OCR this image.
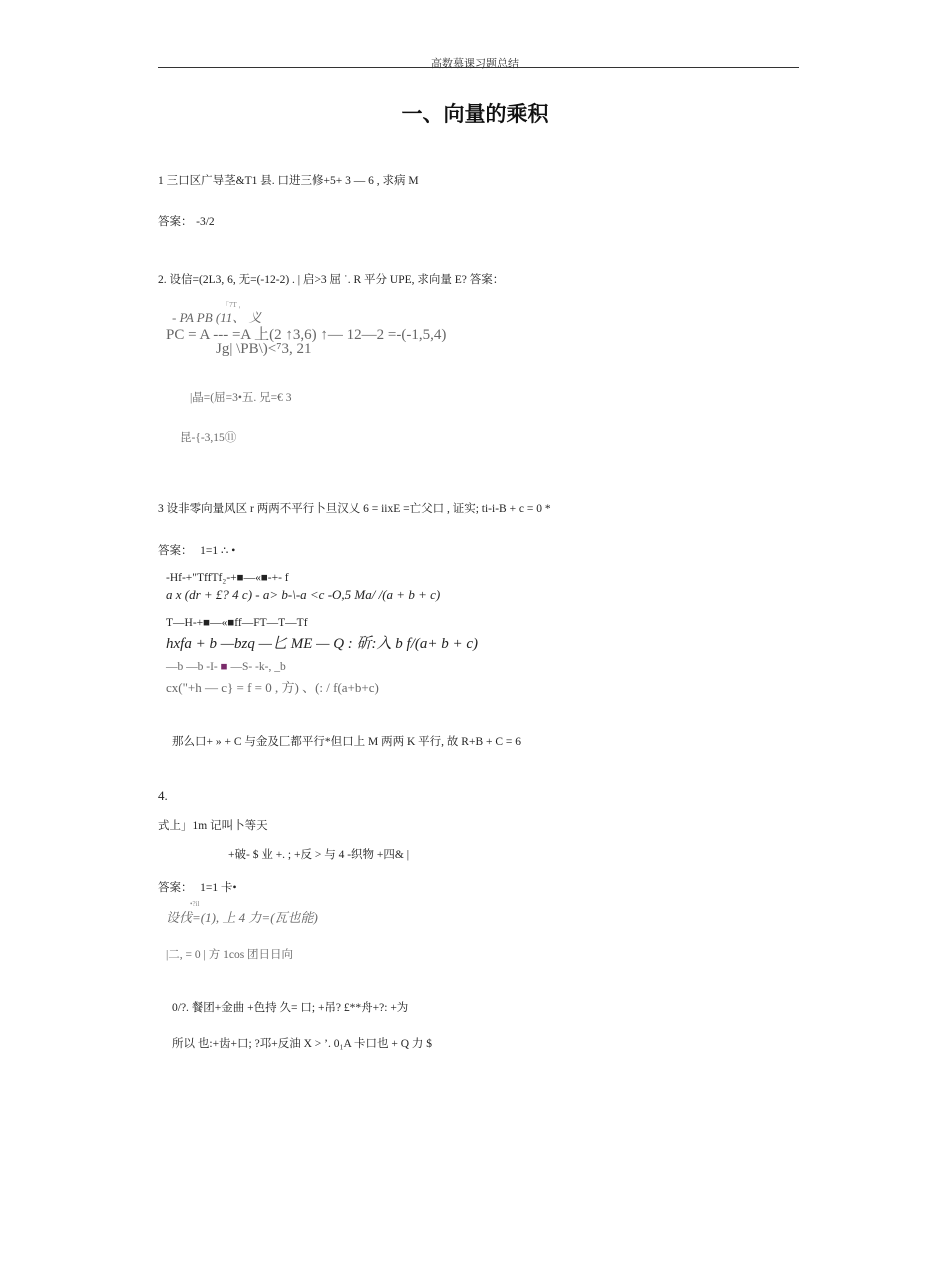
高数慕课习题总结
一、向量的乘积
1 三口区广导茎&T1 县. 口进三修+5+ 3 — 6 , 求病 M
答案： -3/2
2. 设信=(2L3, 6, 无=(-12-2) . | 启>3 屈 ˙. R 平分 UPE, 求向量 E? 答案：
「7T ，
- PA PB (11、 义
PC = A --- =A 上(2 ↑3,6) ↑— 12—2 =-(-1,5,4)
Jg| \PB\)<⁷3, 21
|晶=(屈=3•五. 兄=€ 3
昆-{-3,15⑪
3 设非零向量风区 r 两两不平行卜旦汉乂 6 = iixE =亡父口 , 证实; ti-i-B + c = 0 *
答案： 1=1 ∴ •
-Hf-+"TffTf₂-+■—«■-+- f
a x (dr + £? 4 c) - a> b-\-a <c -O,5 Ma/ /(a + b + c)
T—H-+■—«■ff—FT—T—Tf
hxfa + b —bzq —匕 ME — Q : 斫:入 b f/(a+ b + c)
—b —b -I- ■ —S- -k-, _b
cx("+h — c} = f = 0 , 方) 、(: / f(a+b+c)
那么口+ » + C 与金及匚都平行*但口上 M 两两 K 平行, 故 R+B + C = 6
4.
式上」1m 记叫卜等天
+破- $ 业 +. ; +反 > 与 4 -织物 +四& |
答案： 1=1 卡•
•?il
设伐=(1), 上 4 力=(瓦也能)
|二, = 0 | 方 1cos 团日日向
0/?. 餐团+金曲 +色持 久= 口; +吊? £**舟+?: +为
所以 也:+齿+口; ?邛+反油 X > ’. 0₁A 卡口也 + Q 力 $
